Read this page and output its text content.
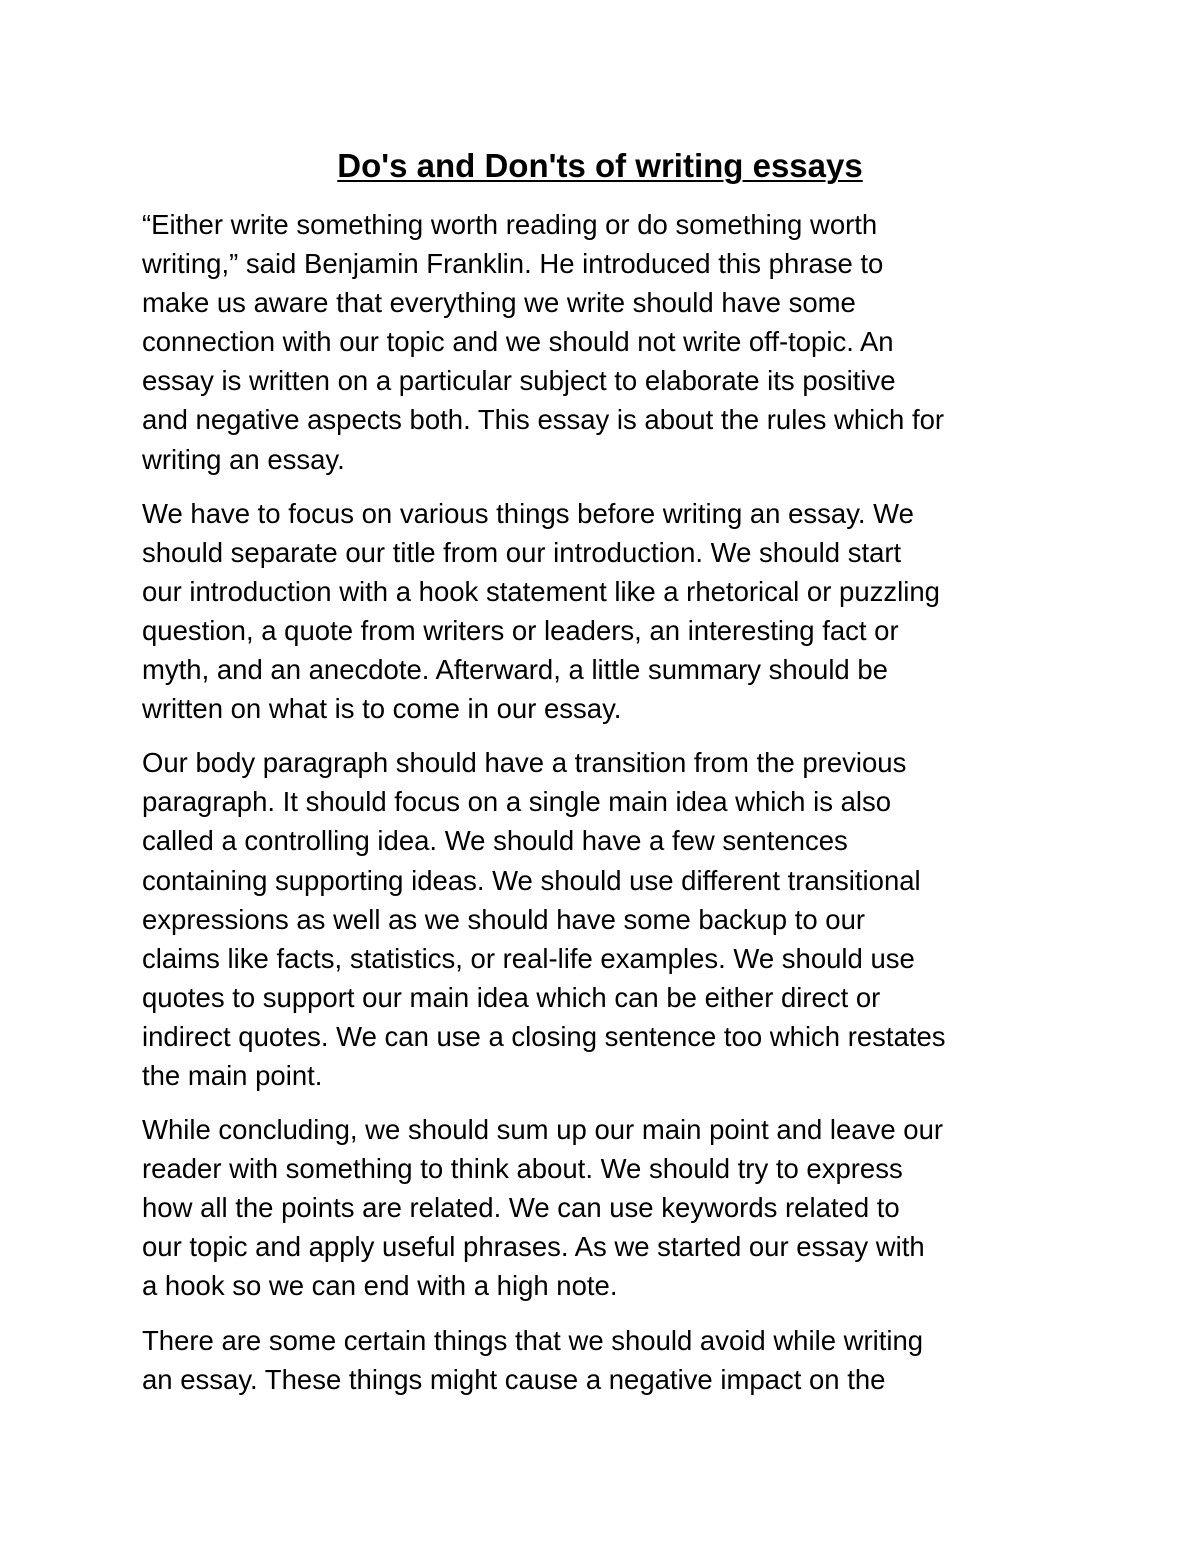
Do's and Don'ts of writing essays

“Either write something worth reading or do something worth
writing,” said Benjamin Franklin. He introduced this phrase to
make us aware that everything we write should have some
connection with our topic and we should not write off-topic. An
essay is written on a particular subject to elaborate its positive
and negative aspects both. This essay is about the rules which for
writing an essay.

We have to focus on various things before writing an essay. We
should separate our title from our introduction. We should start
our introduction with a hook statement like a rhetorical or puzzling
question, a quote from writers or leaders, an interesting fact or
myth, and an anecdote. Afterward, a little summary should be
written on what is to come in our essay.

Our body paragraph should have a transition from the previous
paragraph. It should focus on a single main idea which is also
called a controlling idea. We should have a few sentences
containing supporting ideas. We should use different transitional
expressions as well as we should have some backup to our
claims like facts, statistics, or real-life examples. We should use
quotes to support our main idea which can be either direct or
indirect quotes. We can use a closing sentence too which restates
the main point.

While concluding, we should sum up our main point and leave our
reader with something to think about. We should try to express
how all the points are related. We can use keywords related to
our topic and apply useful phrases. As we started our essay with
a hook so we can end with a high note.

There are some certain things that we should avoid while writing
an essay. These things might cause a negative impact on the
